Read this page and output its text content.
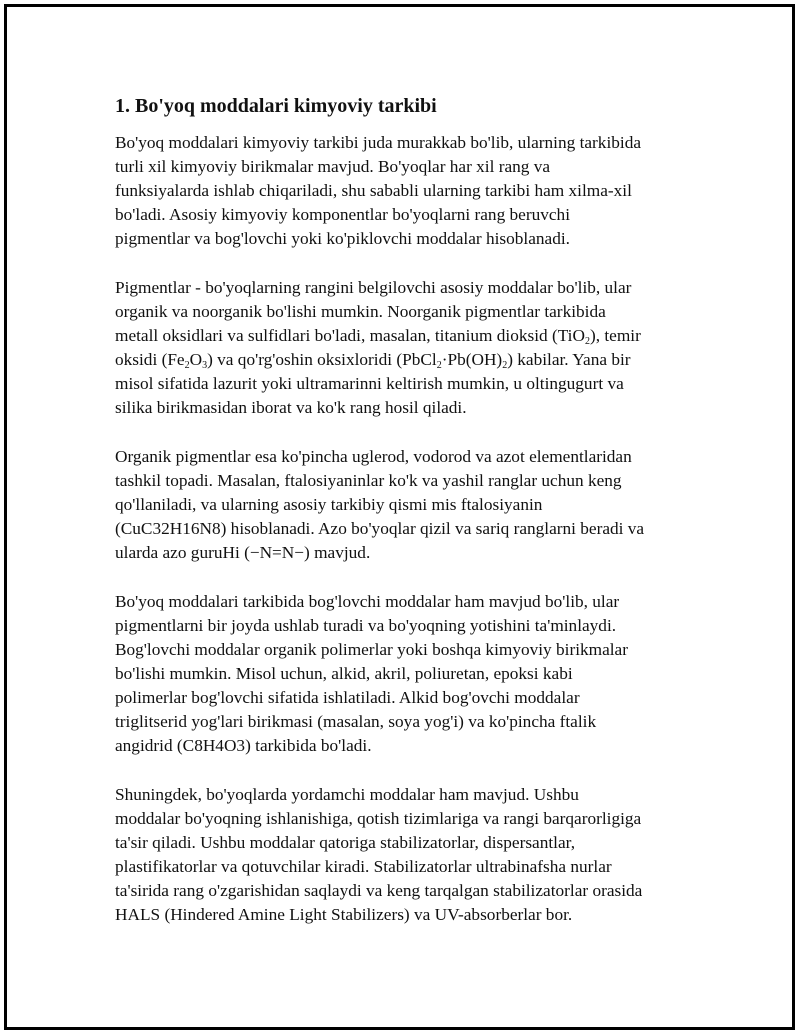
1. Bo'yoq moddalari kimyoviy tarkibi
Bo'yoq moddalari kimyoviy tarkibi juda murakkab bo'lib, ularning tarkibida
turli xil kimyoviy birikmalar mavjud. Bo'yoqlar har xil rang va
funksiyalarda ishlab chiqariladi, shu sababli ularning tarkibi ham xilma-xil
bo'ladi. Asosiy kimyoviy komponentlar bo'yoqlarni rang beruvchi
pigmentlar va bog'lovchi yoki ko'piklovchi moddalar hisoblanadi.
Pigmentlar - bo'yoqlarning rangini belgilovchi asosiy moddalar bo'lib, ular
organik va noorganik bo'lishi mumkin. Noorganik pigmentlar tarkibida
metall oksidlari va sulfidlari bo'ladi, masalan, titanium dioksid (TiO$_2$), temir
oksidi $(Fe_2O_3)$ va qo'rg'oshin oksixloridi $(PbCl_2\cdot Pb(OH)_2)$ kabilar. Yana bir
misol sifatida lazurit yoki ultramarinni keltirish mumkin, u oltingugurt va
silika birikmasidan iborat va ko'k rang hosil qiladi.
Organik pigmentlar esa ko'pincha uglerod, vodorod va azot elementlaridan
tashkil topadi. Masalan, ftalosiyaninlar ko'k va yashil ranglar uchun keng
qo'llaniladi, va ularning asosiy tarkibiy qismi mis ftalosiyanin
(CuC32H16N8) hisoblanadi. Azo bo'yoqlar qizil va sariq ranglarni beradi va
ularda azo guruHi (−N=N−) mavjud.
Bo'yoq moddalari tarkibida bog'lovchi moddalar ham mavjud bo'lib, ular
pigmentlarni bir joyda ushlab turadi va bo'yoqning yotishini ta'minlaydi.
Bog'lovchi moddalar organik polimerlar yoki boshqa kimyoviy birikmalar
bo'lishi mumkin. Misol uchun, alkid, akril, poliuretan, epoksi kabi
polimerlar bog'lovchi sifatida ishlatiladi. Alkid bog'ovchi moddalar
triglitserid yog'lari birikmasi (masalan, soya yog'i) va ko'pincha ftalik
angidrid (C8H4O3) tarkibida bo'ladi.
Shuningdek, bo'yoqlarda yordamchi moddalar ham mavjud. Ushbu
moddalar bo'yoqning ishlanishiga, qotish tizimlariga va rangi barqarorligiga
ta'sir qiladi. Ushbu moddalar qatoriga stabilizatorlar, dispersantlar,
plastifikatorlar va qotuvchilar kiradi. Stabilizatorlar ultrabinafsha nurlar
ta'sirida rang o'zgarishidan saqlaydi va keng tarqalgan stabilizatorlar orasida
HALS (Hindered Amine Light Stabilizers) va UV-absorberlar bor.
